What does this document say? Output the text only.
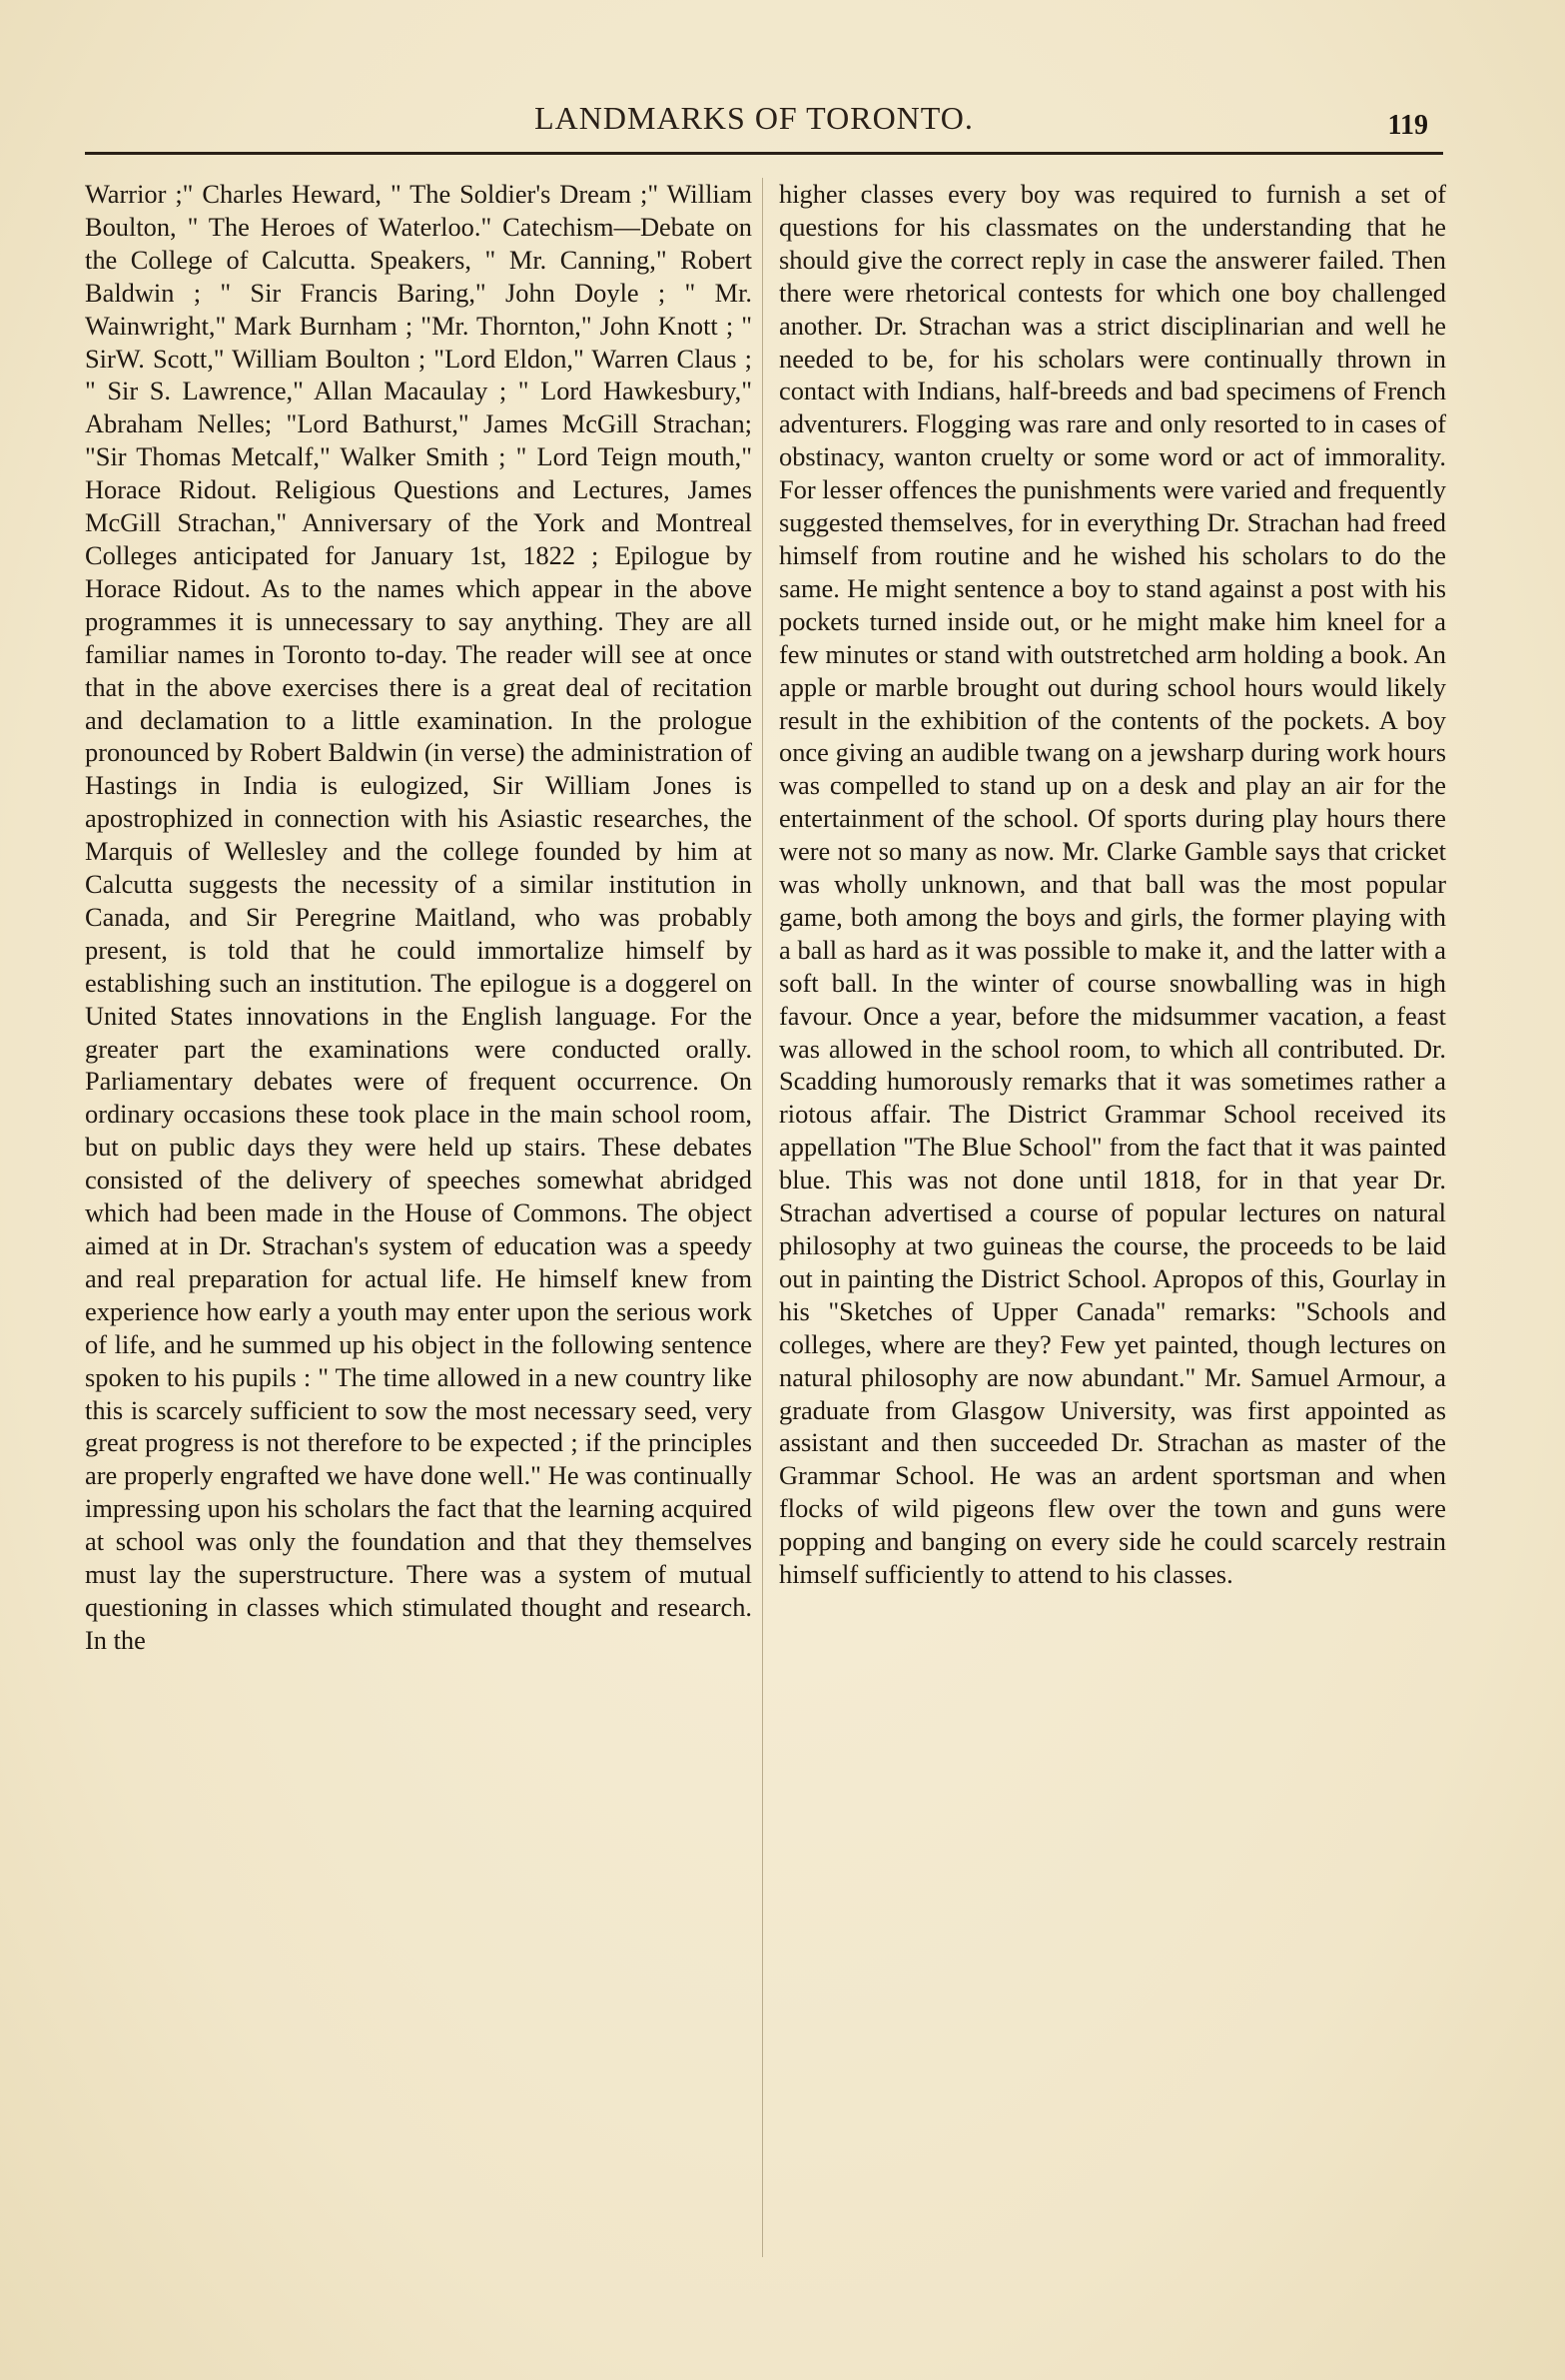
LANDMARKS OF TORONTO.	119

Warrior ;" Charles Heward, " The Soldier's Dream ;" William Boulton, " The Heroes of Waterloo." Catechism—Debate on the College of Calcutta. Speakers, " Mr. Canning," Robert Baldwin ; " Sir Francis Baring," John Doyle ; " Mr. Wainwright," Mark Burnham ; "Mr. Thornton," John Knott ; " SirW. Scott," William Boulton ; "Lord Eldon," Warren Claus ; " Sir S. Lawrence," Allan Macaulay ; " Lord Hawkesbury," Abraham Nelles; "Lord Bathurst," James McGill Strachan; "Sir Thomas Metcalf," Walker Smith ; " Lord Teign mouth," Horace Ridout. Religious Questions and Lectures, James McGill Strachan," Anniversary of the York and Montreal Colleges anticipated for January 1st, 1822 ; Epilogue by Horace Ridout. As to the names which appear in the above programmes it is unnecessary to say anything. They are all familiar names in Toronto to-day. The reader will see at once that in the above exercises there is a great deal of recitation and declamation to a little examination. In the prologue pronounced by Robert Baldwin (in verse) the administration of Hastings in India is eulogized, Sir William Jones is apostrophized in connection with his Asiastic researches, the Marquis of Wellesley and the college founded by him at Calcutta suggests the necessity of a similar institution in Canada, and Sir Peregrine Maitland, who was probably present, is told that he could immortalize himself by establishing such an institution. The epilogue is a doggerel on United States innovations in the English language. For the greater part the examinations were conducted orally. Parliamentary debates were of frequent occurrence. On ordinary occasions these took place in the main school room, but on public days they were held up stairs. These debates consisted of the delivery of speeches somewhat abridged which had been made in the House of Commons. The object aimed at in Dr. Strachan's system of education was a speedy and real preparation for actual life. He himself knew from experience how early a youth may enter upon the serious work of life, and he summed up his object in the following sentence spoken to his pupils : " The time allowed in a new country like this is scarcely sufficient to sow the most necessary seed, very great progress is not therefore to be expected ; if the principles are properly engrafted we have done well." He was continually impressing upon his scholars the fact that the learning acquired at school was only the foundation and that they themselves must lay the superstructure. There was a system of mutual questioning in classes which stimulated thought and research. In the

higher classes every boy was required to furnish a set of questions for his classmates on the understanding that he should give the correct reply in case the answerer failed. Then there were rhetorical contests for which one boy challenged another. Dr. Strachan was a strict disciplinarian and well he needed to be, for his scholars were continually thrown in contact with Indians, half-breeds and bad specimens of French adventurers. Flogging was rare and only resorted to in cases of obstinacy, wanton cruelty or some word or act of immorality. For lesser offences the punishments were varied and frequently suggested themselves, for in everything Dr. Strachan had freed himself from routine and he wished his scholars to do the same. He might sentence a boy to stand against a post with his pockets turned inside out, or he might make him kneel for a few minutes or stand with outstretched arm holding a book. An apple or marble brought out during school hours would likely result in the exhibition of the contents of the pockets. A boy once giving an audible twang on a jewsharp during work hours was compelled to stand up on a desk and play an air for the entertainment of the school. Of sports during play hours there were not so many as now. Mr. Clarke Gamble says that cricket was wholly unknown, and that ball was the most popular game, both among the boys and girls, the former playing with a ball as hard as it was possible to make it, and the latter with a soft ball. In the winter of course snowballing was in high favour. Once a year, before the midsummer vacation, a feast was allowed in the school room, to which all contributed. Dr. Scadding humorously remarks that it was sometimes rather a riotous affair. The District Grammar School received its appellation "The Blue School" from the fact that it was painted blue. This was not done until 1818, for in that year Dr. Strachan advertised a course of popular lectures on natural philosophy at two guineas the course, the proceeds to be laid out in painting the District School. Apropos of this, Gourlay in his "Sketches of Upper Canada" remarks: "Schools and colleges, where are they? Few yet painted, though lectures on natural philosophy are now abundant." Mr. Samuel Armour, a graduate from Glasgow University, was first appointed as assistant and then succeeded Dr. Strachan as master of the Grammar School. He was an ardent sportsman and when flocks of wild pigeons flew over the town and guns were popping and banging on every side he could scarcely restrain himself sufficiently to attend to his classes.
